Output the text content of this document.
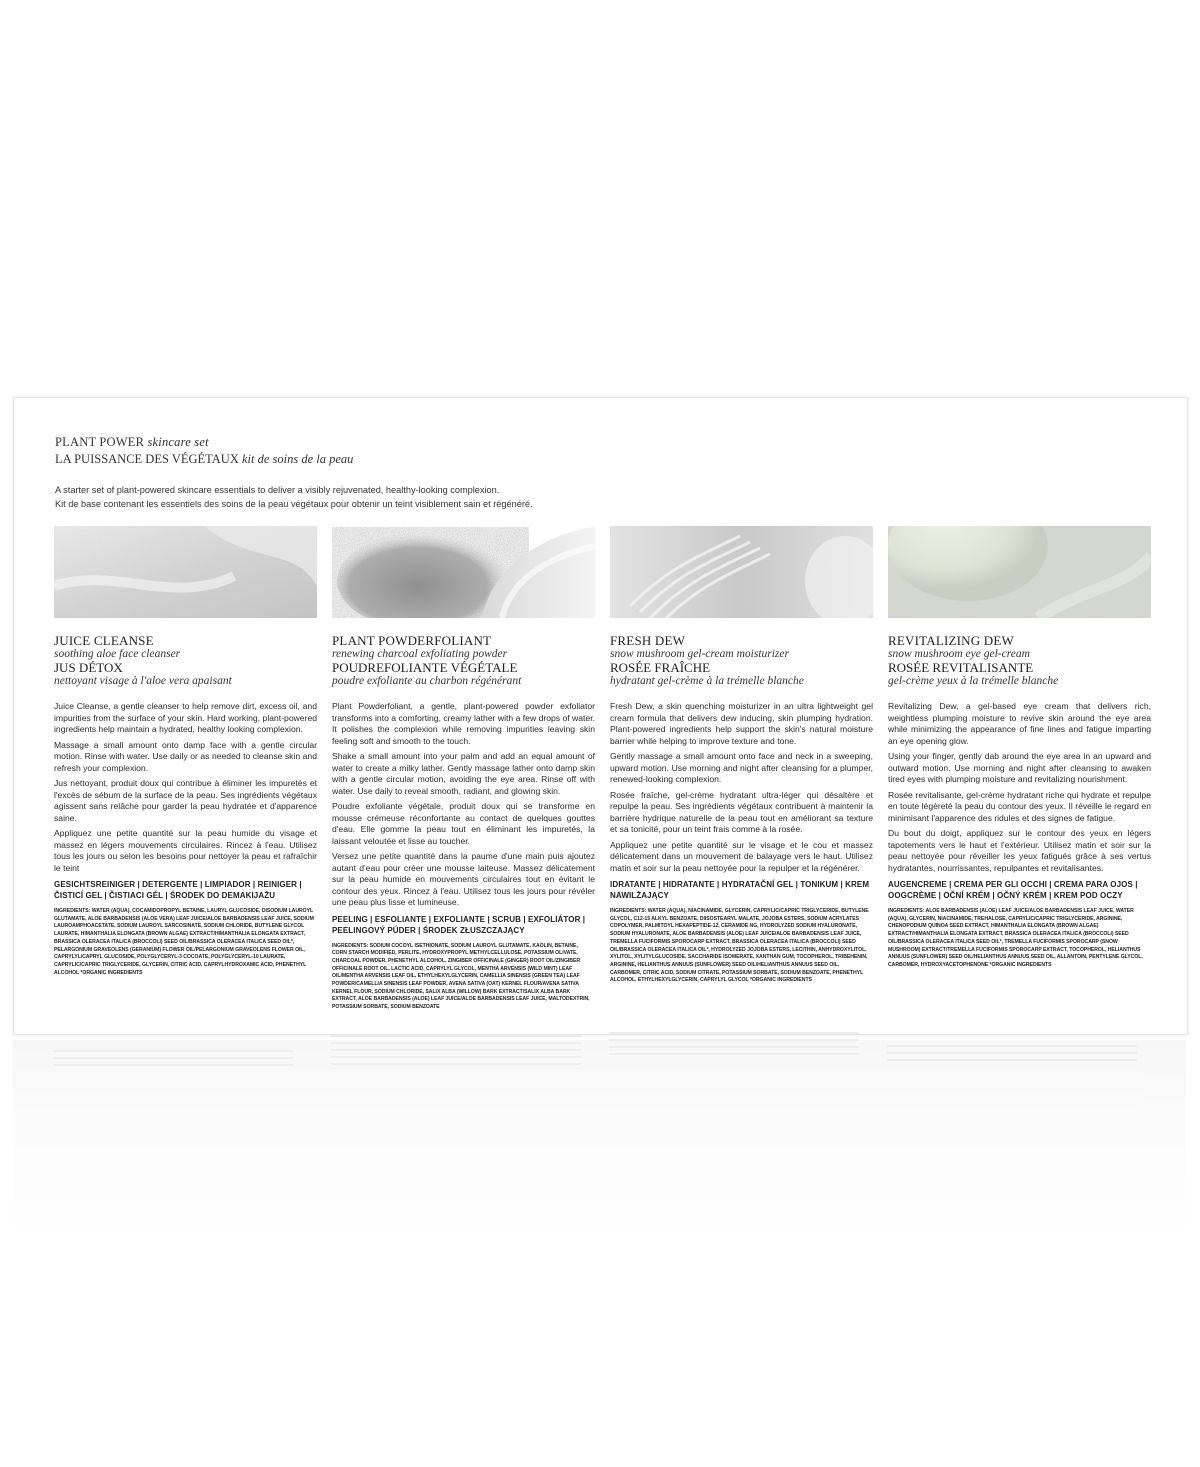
PLANT POWER skincare set
LA PUISSANCE DES VÉGÉTAUX kit de soins de la peau
A starter set of plant-powered skincare essentials to deliver a visibly rejuvenated, healthy-looking complexion.
Kit de base contenant les essentiels des soins de la peau végétaux pour obtenir un teint visiblement sain et régénéré.
JUICE CLEANSE
soothing aloe face cleanser
JUS DÉTOX
nettoyant visage à l'aloe vera apaisant

Juice Cleanse, a gentle cleanser to help remove dirt, excess oil, and impurities from the surface of your skin. Hard working, plant-powered ingredients help maintain a hydrated, healthy looking complexion.

Massage a small amount onto damp face with a gentle circular motion. Rinse with water. Use daily or as needed to cleanse skin and refresh your complexion.

Jus nettoyant, produit doux qui contribue à éliminer les impuretés et l'excès de sébum de la surface de la peau. Ses ingrédients végétaux agissent sans relâche pour garder la peau hydratée et d'apparence saine.

Appliquez une petite quantité sur la peau humide du visage et massez en légers mouvements circulaires. Rincez à l'eau. Utilisez tous les jours ou selon les besoins pour nettoyer la peau et rafraîchir le teint

GESICHTSREINIGER | DETERGENTE | LIMPIADOR | REINIGER | ČISTICÍ GEL | ČISTIACI GÉL | ŚRODEK DO DEMAKIJAŻU
INGREDIENTS: WATER (AQUA), COCAMIDOPROPYL BETAINE, LAURYL GLUCOSIDE, DISODIUM LAUROYL GLUTAMATE, ALOE BARBADENSIS (ALOE VERA) LEAF JUICE/ALOE BARBADENSIS LEAF JUICE, SODIUM LAUROAMPHOACETATE, SODIUM LAUROYL SARCOSINATE, SODIUM CHLORIDE, BUTYLENE GLYCOL LAURATE, HIMANTHALIA ELONGATA (BROWN ALGAE) EXTRACT/HIMANTHALIA ELONGATA EXTRACT, BRASSICA OLERACEA ITALICA (BROCCOLI) SEED OIL/BRASSICA OLERACEA ITALICA SEED OIL*, PELARGONIUM GRAVEOLENS (GERANIUM) FLOWER OIL/PELARGONIUM GRAVEOLENS FLOWER OIL, CAPRYLYL/CAPRYL GLUCOSIDE, POLYGLYCERYL-3 COCOATE, POLYGLYCERYL-10 LAURATE, CAPRYLIC/CAPRIC TRIGLYCERIDE, GLYCERIN, CITRIC ACID, CAPRYLHYDROXAMIC ACID, PHENETHYL ALCOHOL *ORGANIC INGREDIENTS
PLANT POWDERFOLIANT
renewing charcoal exfoliating powder
POUDREFOLIANTE VÉGÉTALE
poudre exfoliante au charbon régénérant

Plant Powderfoliant, a gentle, plant-powered powder exfoliator transforms into a comforting, creamy lather with a few drops of water. It polishes the complexion while removing impurities leaving skin feeling soft and smooth to the touch.

Shake a small amount into your palm and add an equal amount of water to create a milky lather. Gently massage lather onto damp skin with a gentle circular motion, avoiding the eye area. Rinse off with water. Use daily to reveal smooth, radiant, and glowing skin.

Poudre exfoliante végétale, produit doux qui se transforme en mousse crémeuse réconfortante au contact de quelques gouttes d'eau. Elle gomme la peau tout en éliminant les impuretés, la laissant veloutée et lisse au toucher.

Versez une petite quantité dans la paume d'une main puis ajoutez autant d'eau pour créer une mousse laiteuse. Massez délicatement sur la peau humide en mouvements circulaires tout en évitant le contour des yeux. Rincez à l'eau. Utilisez tous les jours pour révéler une peau plus lisse et lumineuse.

PEELING | ESFOLIANTE | EXFOLIANTE | SCRUB | EXFOLIÁTOR | PEELINGOVÝ PÚDER | ŚRODEK ZŁUSZCZAJĄCY
INGREDIENTS: SODIUM COCOYL ISETHIONATE, SODIUM LAUROYL GLUTAMATE, KAOLIN, BETAINE, CORN STARCH MODIFIED, PERLITE, HYDROXYPROPYL METHYLCELLULOSE, POTASSIUM OLIVATE, CHARCOAL POWDER, PHENETHYL ALCOHOL, ZINGIBER OFFICINALE (GINGER) ROOT OIL/ZINGIBER OFFICINALE ROOT OIL, LACTIC ACID, CAPRYLYL GLYCOL, MENTHA ARVENSIS (WILD MINT) LEAF OIL/MENTHA ARVENSIS LEAF OIL, ETHYLHEXYLGLYCERIN, CAMELLIA SINENSIS (GREEN TEA) LEAF POWDER/CAMELLIA SINENSIS LEAF POWDER, AVENA SATIVA (OAT) KERNEL FLOUR/AVENA SATIVA KERNEL FLOUR, SODIUM CHLORIDE, SALIX ALBA (WILLOW) BARK EXTRACT/SALIX ALBA BARK EXTRACT, ALOE BARBADENSIS (ALOE) LEAF JUICE/ALOE BARBADENSIS LEAF JUICE, MALTODEXTRIN, POTASSIUM SORBATE, SODIUM BENZOATE
FRESH DEW
snow mushroom gel-cream moisturizer
ROSÉE FRAÎCHE
hydratant gel-crème à la trémelle blanche

Fresh Dew, a skin quenching moisturizer in an ultra lightweight gel cream formula that delivers dew inducing, skin plumping hydration. Plant-powered ingredients help support the skin's natural moisture barrier while helping to improve texture and tone.

Gently massage a small amount onto face and neck in a sweeping, upward motion. Use morning and night after cleansing for a plumper, renewed-looking complexion.

Rosée fraîche, gel-crème hydratant ultra-léger qui désaltère et repulpe la peau. Ses ingrédients végétaux contribuent à maintenir la barrière hydrique naturelle de la peau tout en améliorant sa texture et sa tonicité, pour un teint frais comme à la rosée.

Appliquez une petite quantité sur le visage et le cou et massez délicatement dans un mouvement de balayage vers le haut. Utilisez matin et soir sur la peau nettoyée pour la repulper et la régénérer.

IDRATANTE | HIDRATANTE | HYDRATAČNÍ GEL | TONIKUM | KREM NAWILŻAJĄCY
INGREDIENTS: WATER (AQUA), NIACINAMIDE, GLYCERIN, CAPRYLIC/CAPRIC TRIGLYCERIDE, BUTYLENE GLYCOL, C12-15 ALKYL BENZOATE, DIISOSTEARYL MALATE, JOJOBA ESTERS, SODIUM ACRYLATES COPOLYMER, PALMITOYL HEXAPEPTIDE-12, CERAMIDE NG, HYDROLYZED SODIUM HYALURONATE, SODIUM HYALURONATE, ALOE BARBADENSIS (ALOE) LEAF JUICE/ALOE BARBADENSIS LEAF JUICE, TREMELLA FUCIFORMIS SPOROCARP EXTRACT, BRASSICA OLERACEA ITALICA (BROCCOLI) SEED OIL/BRASSICA OLERACEA ITALICA OIL*, HYDROLYZED JOJOBA ESTERS, LECITHIN, ANHYDROXYLITOL, XYLITOL, XYLITYLGLUCOSIDE, SACCHARIDE ISOMERATE, XANTHAN GUM, TOCOPHEROL, TRIBEHENIN, ARGININE, HELIANTHUS ANNUUS (SUNFLOWER) SEED OIL/HELIANTHUS ANNUUS SEED OIL, CARBOMER, CITRIC ACID, SODIUM CITRATE, POTASSIUM SORBATE, SODIUM BENZOATE, PHENETHYL ALCOHOL, ETHYLHEXYLGLYCERIN, CAPRYLYL GLYCOL *ORGANIC INGREDIENTS
REVITALIZING DEW
snow mushroom eye gel-cream
ROSÉE REVITALISANTE
gel-crème yeux à la trémelle blanche

Revitalizing Dew, a gel-based eye cream that delivers rich, weightless plumping moisture to revive skin around the eye area while minimizing the appearance of fine lines and fatigue imparting an eye opening glow.

Using your finger, gently dab around the eye area in an upward and outward motion. Use morning and night after cleansing to awaken tired eyes with plumping moisture and revitalizing nourishment.

Rosée revitalisante, gel-crème hydratant riche qui hydrate et repulpe en toute légèreté la peau du contour des yeux. Il réveille le regard en minimisant l'apparence des ridules et des signes de fatigue.

Du bout du doigt, appliquez sur le contour des yeux en légers tapotements vers le haut et l'extérieur. Utilisez matin et soir sur la peau nettoyée pour réveiller les yeux fatigués grâce à ses vertus hydratantes, nourrissantes, repulpantes et revitalisantes.

AUGENCREME | CREMA PER GLI OCCHI | CREMA PARA OJOS | OOGCRÈME | OČNÍ KRÉM | OČNÝ KRÉM | KREM POD OCZY
INGREDIENTS: ALOE BARBADENSIS (ALOE) LEAF JUICE/ALOE BARBADENSIS LEAF JUICE, WATER (AQUA), GLYCERIN, NIACINAMIDE, TREHALOSE, CAPRYLIC/CAPRIC TRIGLYCERIDE, ARGININE, CHENOPODIUM QUINOA SEED EXTRACT, HIMANTHALIA ELONGATA (BROWN ALGAE) EXTRACT/HIMANTHALIA ELONGATA EXTRACT, BRASSICA OLERACEA ITALICA (BROCCOLI) SEED OIL/BRASSICA OLERACEA ITALICA SEED OIL*, TREMELLA FUCIFORMIS SPOROCARP (SNOW MUSHROOM) EXTRACT/TREMELLA FUCIFORMIS SPOROCARP EXTRACT, TOCOPHEROL, HELIANTHUS ANNUUS (SUNFLOWER) SEED OIL/HELIANTHUS ANNUUS SEED OIL, ALLANTOIN, PENTYLENE GLYCOL, CARBOMER, HYDROXYACETOPHENONE *ORGANIC INGREDIENTS
